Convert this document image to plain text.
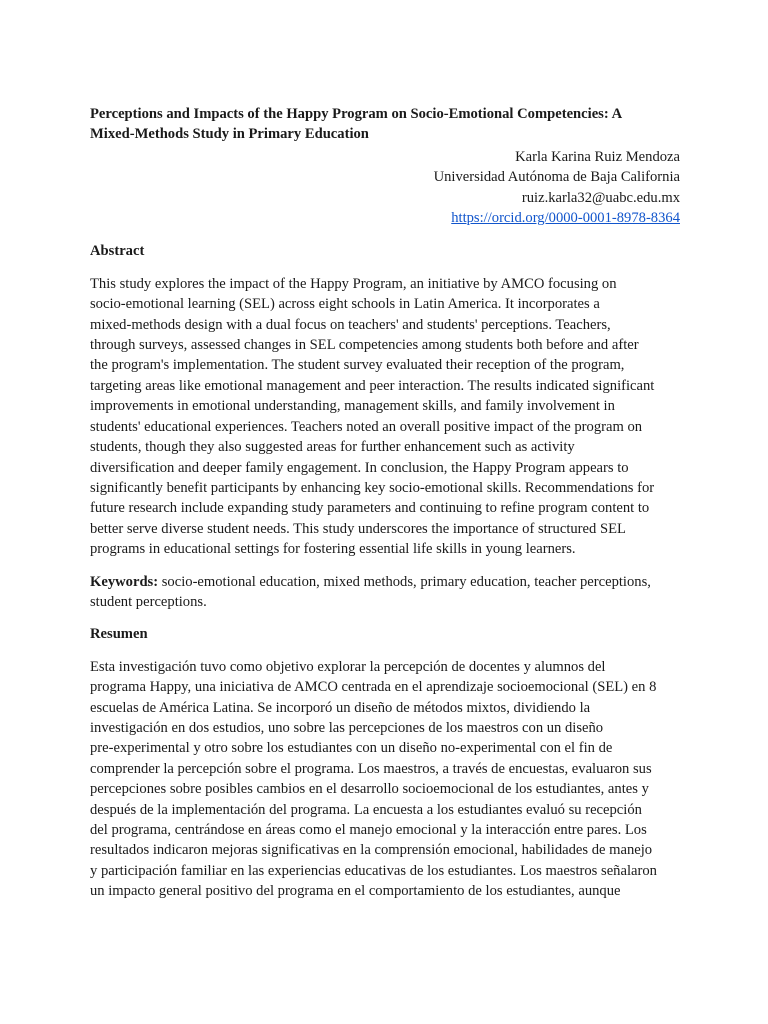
Perceptions and Impacts of the Happy Program on Socio-Emotional Competencies: A
Mixed-Methods Study in Primary Education

Karla Karina Ruiz Mendoza
Universidad Autónoma de Baja California
ruiz.karla32@uabc.edu.mx
https://orcid.org/0000-0001-8978-8364
Abstract

This study explores the impact of the Happy Program, an initiative by AMCO focusing on
socio-emotional learning (SEL) across eight schools in Latin America. It incorporates a
mixed-methods design with a dual focus on teachers' and students' perceptions. Teachers,
through surveys, assessed changes in SEL competencies among students both before and after
the program's implementation. The student survey evaluated their reception of the program,
targeting areas like emotional management and peer interaction. The results indicated significant
improvements in emotional understanding, management skills, and family involvement in
students' educational experiences. Teachers noted an overall positive impact of the program on
students, though they also suggested areas for further enhancement such as activity
diversification and deeper family engagement. In conclusion, the Happy Program appears to
significantly benefit participants by enhancing key socio-emotional skills. Recommendations for
future research include expanding study parameters and continuing to refine program content to
better serve diverse student needs. This study underscores the importance of structured SEL
programs in educational settings for fostering essential life skills in young learners.

Keywords: socio-emotional education, mixed methods, primary education, teacher perceptions,
student perceptions.

Resumen

Esta investigación tuvo como objetivo explorar la percepción de docentes y alumnos del
programa Happy, una iniciativa de AMCO centrada en el aprendizaje socioemocional (SEL) en 8
escuelas de América Latina. Se incorporó un diseño de métodos mixtos, dividiendo la
investigación en dos estudios, uno sobre las percepciones de los maestros con un diseño
pre-experimental y otro sobre los estudiantes con un diseño no-experimental con el fin de
comprender la percepción sobre el programa. Los maestros, a través de encuestas, evaluaron sus
percepciones sobre posibles cambios en el desarrollo socioemocional de los estudiantes, antes y
después de la implementación del programa. La encuesta a los estudiantes evaluó su recepción
del programa, centrándose en áreas como el manejo emocional y la interacción entre pares. Los
resultados indicaron mejoras significativas en la comprensión emocional, habilidades de manejo
y participación familiar en las experiencias educativas de los estudiantes. Los maestros señalaron
un impacto general positivo del programa en el comportamiento de los estudiantes, aunque
